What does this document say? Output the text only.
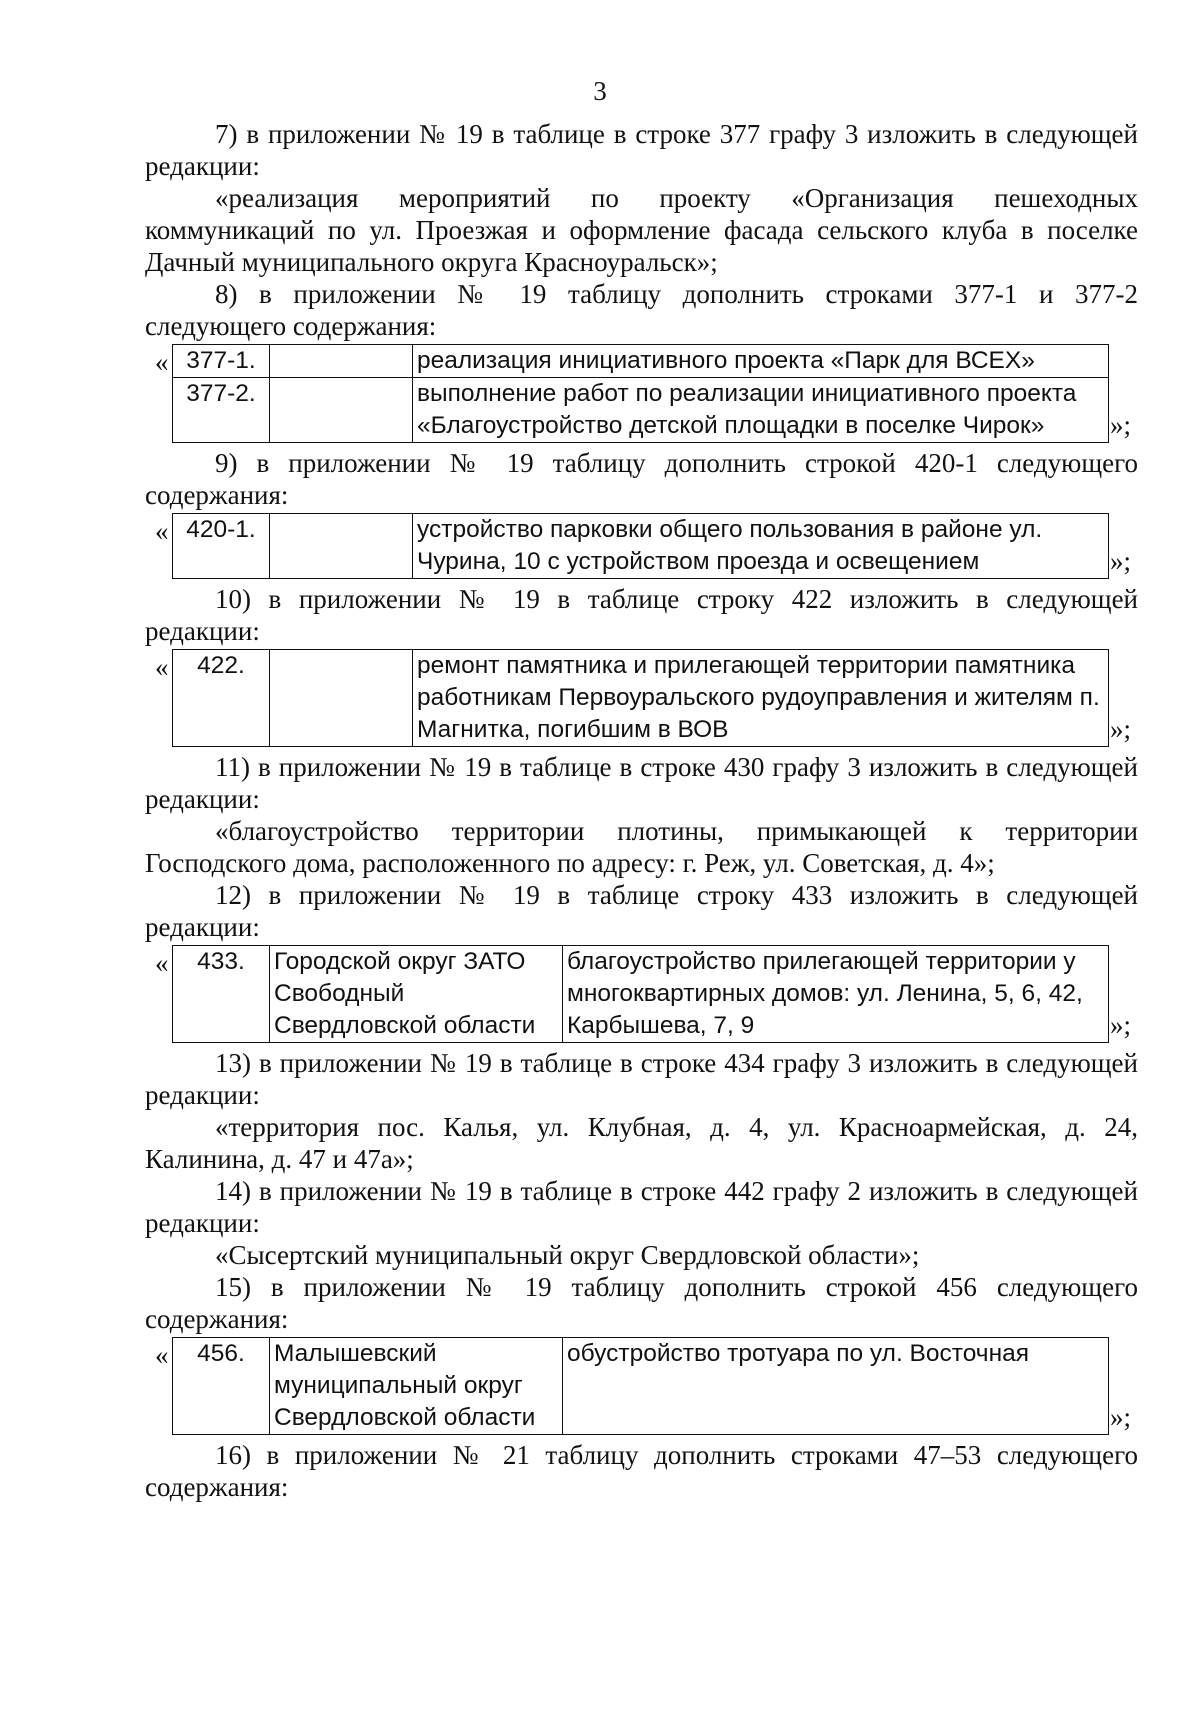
3

7) в приложении № 19 в таблице в строке 377 графу 3 изложить в следующей

редакции:

«реализация мероприятий по проекту «Организация пешеходных коммуникаций по ул. Проезжая и оформление фасада сельского клуба в поселке Дачный муниципального округа Красноуральск»;

8) в приложении № 19 таблицу дополнить строками 377-1 и 377-2

следующего содержания:

« 377-1.		реализация инициативного проекта «Парк для ВСЕХ»
377-2.		выполнение работ по реализации инициативного проекта «Благоустройство детской площадки в поселке Чирок» »;

9) в приложении № 19 таблицу дополнить строкой 420-1 следующего

содержания:

« 420-1.		устройство парковки общего пользования в районе ул. Чурина, 10 с устройством проезда и освещением	»;

10) в приложении № 19 в таблице строку 422 изложить в следующей

редакции:

« 422.		ремонт памятника и прилегающей территории памятника работникам Первоуральского рудоуправления и жителям п. Магнитка, погибшим в ВОВ	»;

11) в приложении № 19 в таблице в строке 430 графу 3 изложить в следующей

редакции:

«благоустройство территории плотины, примыкающей к территории Господского дома, расположенного по адресу: г. Реж, ул. Советская, д. 4»;

12) в приложении № 19 в таблице строку 433 изложить в следующей

редакции:

« 433.	Городской округ ЗАТО Свободный Свердловской области	благоустройство прилегающей территории у многоквартирных домов: ул. Ленина, 5, 6, 42, Карбышева, 7, 9	»;

13) в приложении № 19 в таблице в строке 434 графу 3 изложить в следующей

редакции:

«территория пос. Калья, ул. Клубная, д. 4, ул. Красноармейская, д. 24, Калинина, д. 47 и 47а»;

14) в приложении № 19 в таблице в строке 442 графу 2 изложить в следующей

редакции:

«Сысертский муниципальный округ Свердловской области»;

15) в приложении № 19 таблицу дополнить строкой 456 следующего

содержания:

« 456.	Малышевский муниципальный округ Свердловской области	обустройство тротуара по ул. Восточная
»;

16) в приложении № 21 таблицу дополнить строками 47–53 следующего

содержания:
